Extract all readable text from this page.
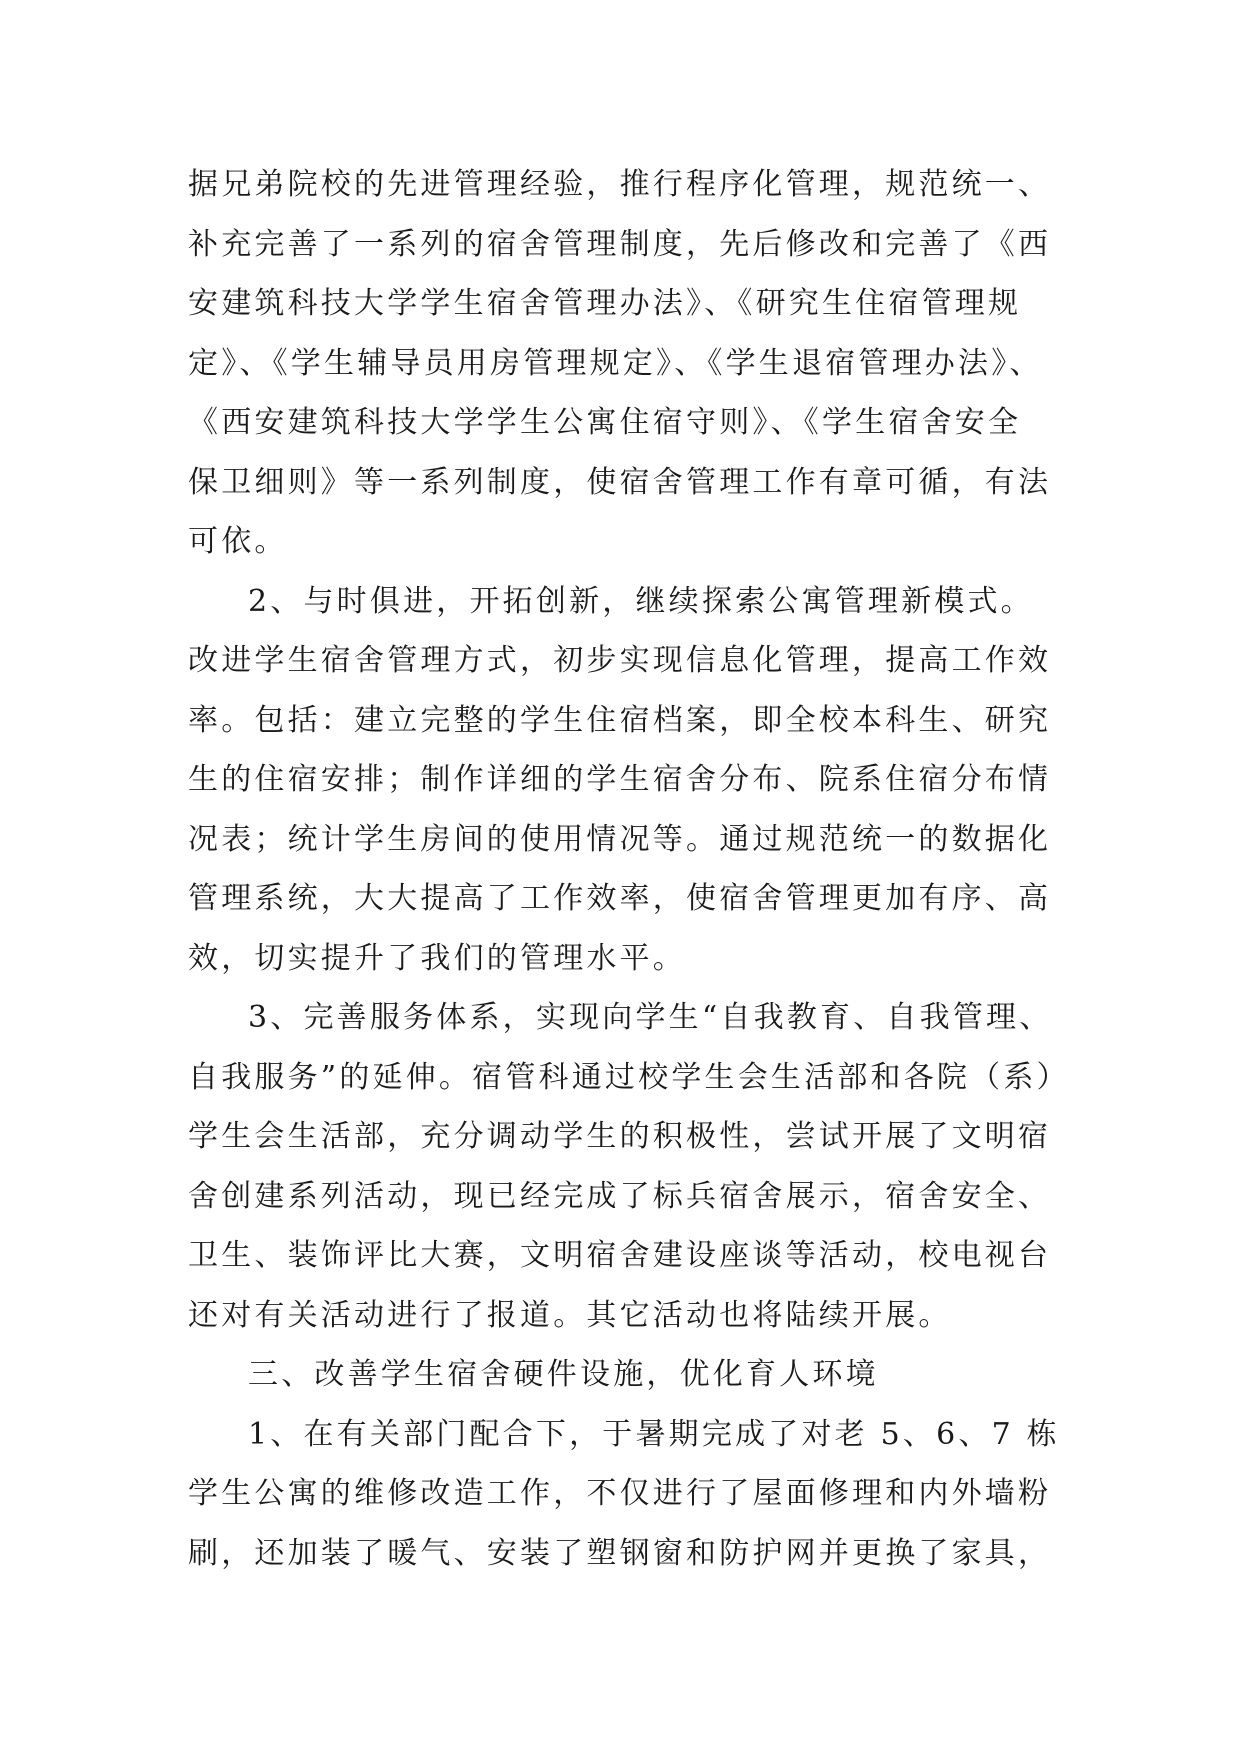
据兄弟院校的先进管理经验，推行程序化管理，规范统一、
补充完善了一系列的宿舍管理制度，先后修改和完善了《西
安建筑科技大学学生宿舍管理办法》、《研究生住宿管理规
定》、《学生辅导员用房管理规定》、《学生退宿管理办法》、
《西安建筑科技大学学生公寓住宿守则》、《学生宿舍安全
保卫细则》等一系列制度，使宿舍管理工作有章可循，有法
可依。
2、与时俱进，开拓创新，继续探索公寓管理新模式。
改进学生宿舍管理方式，初步实现信息化管理，提高工作效
率。包括：建立完整的学生住宿档案，即全校本科生、研究
生的住宿安排；制作详细的学生宿舍分布、院系住宿分布情
况表；统计学生房间的使用情况等。通过规范统一的数据化
管理系统，大大提高了工作效率，使宿舍管理更加有序、高
效，切实提升了我们的管理水平。
3、完善服务体系，实现向学生“自我教育、自我管理、
自我服务”的延伸。宿管科通过校学生会生活部和各院（系）
学生会生活部，充分调动学生的积极性，尝试开展了文明宿
舍创建系列活动，现已经完成了标兵宿舍展示，宿舍安全、
卫生、装饰评比大赛，文明宿舍建设座谈等活动，校电视台
还对有关活动进行了报道。其它活动也将陆续开展。
三、改善学生宿舍硬件设施，优化育人环境
1、在有关部门配合下，于暑期完成了对老 5、6、7 栋
学生公寓的维修改造工作，不仅进行了屋面修理和内外墙粉
刷，还加装了暖气、安装了塑钢窗和防护网并更换了家具，
